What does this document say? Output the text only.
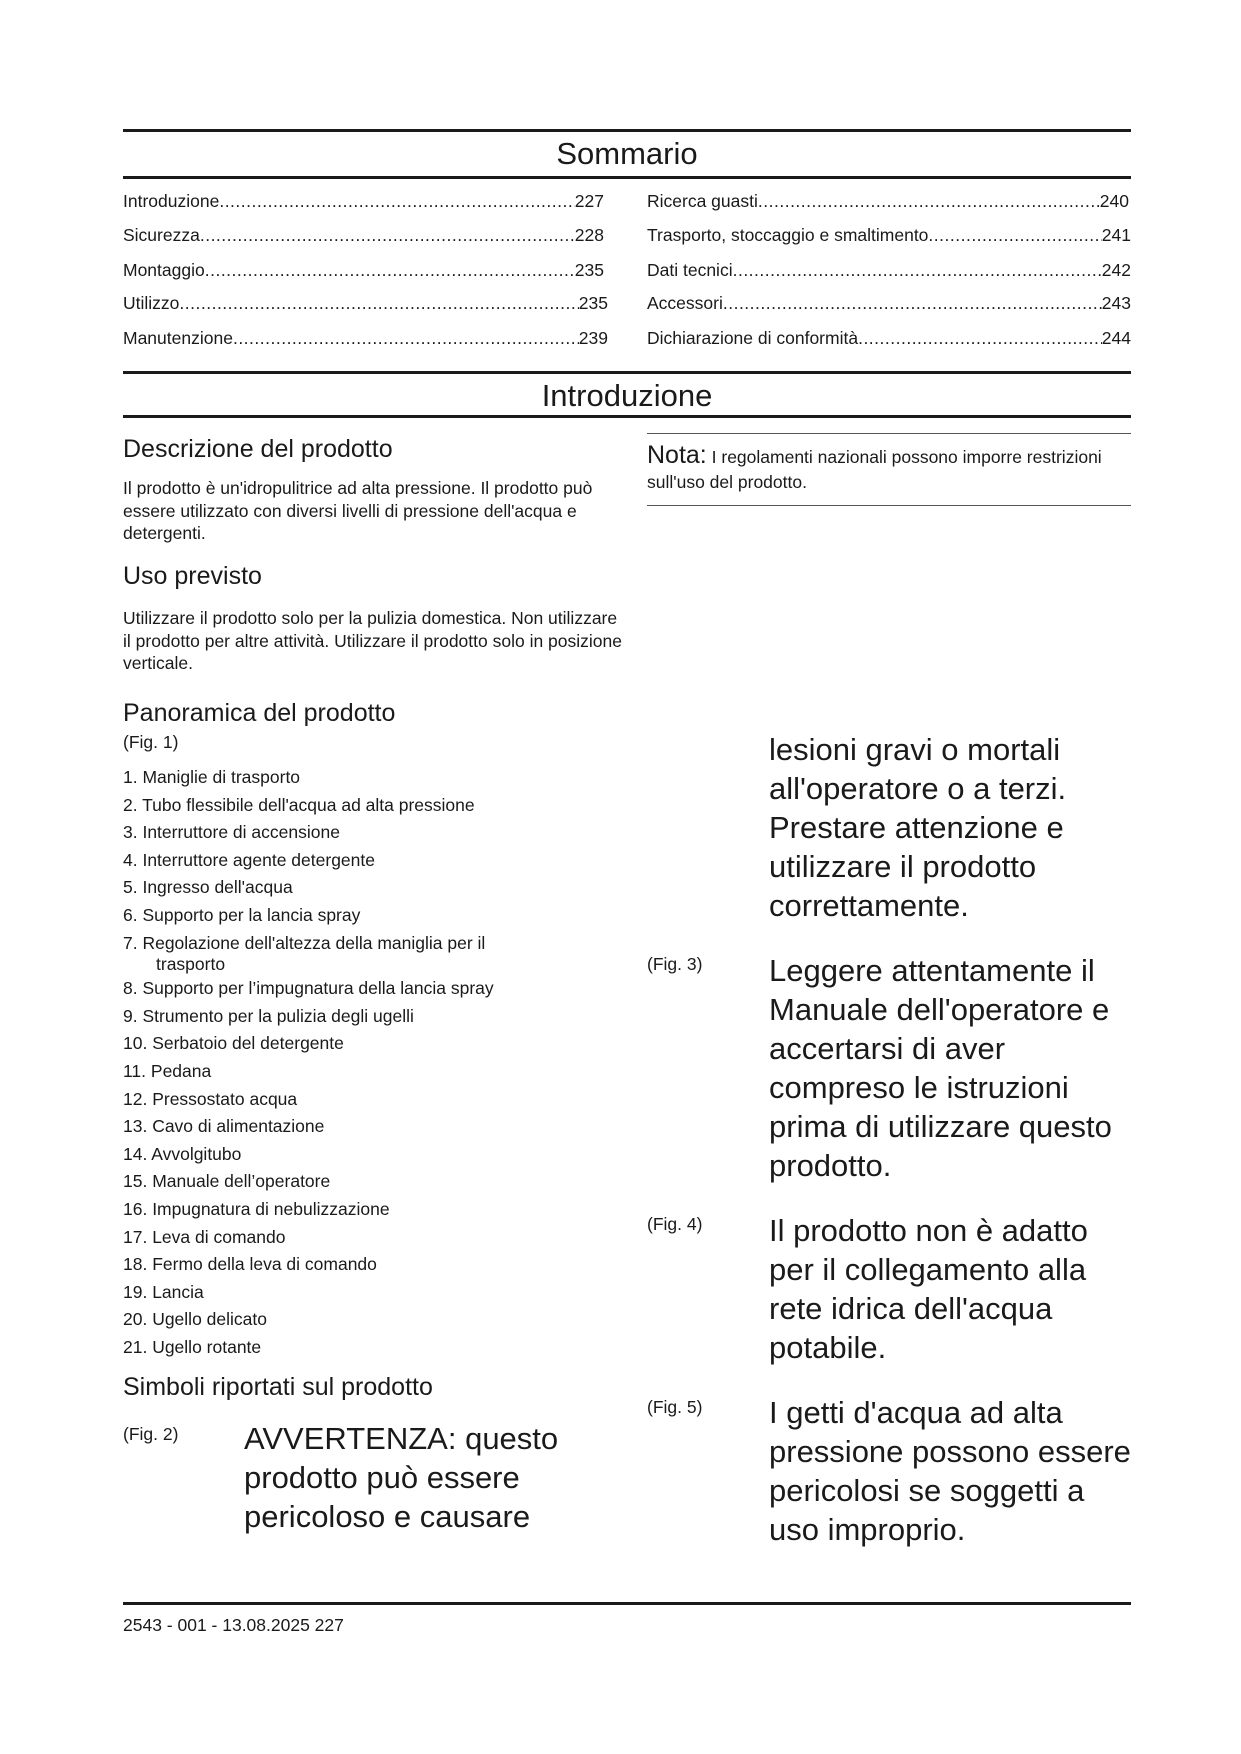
Sommario
Introduzione .....	227
Sicurezza .....	228
Montaggio .....	235
Utilizzo .....	235
Manutenzione .....	239
Ricerca guasti .....	240
Trasporto, stoccaggio e smaltimento .....	241
Dati tecnici .....	242
Accessori .....	243
Dichiarazione di conformità .....	244
Introduzione
Descrizione del prodotto
Il prodotto è un'idropulitrice ad alta pressione. Il prodotto può essere utilizzato con diversi livelli di pressione dell'acqua e detergenti.
Uso previsto
Utilizzare il prodotto solo per la pulizia domestica. Non utilizzare il prodotto per altre attività. Utilizzare il prodotto solo in posizione verticale.
Panoramica del prodotto
(Fig. 1)
1. Maniglie di trasporto
2. Tubo flessibile dell'acqua ad alta pressione
3. Interruttore di accensione
4. Interruttore agente detergente
5. Ingresso dell'acqua
6. Supporto per la lancia spray
7. Regolazione dell'altezza della maniglia per il
trasporto
8. Supporto per l’impugnatura della lancia spray
9. Strumento per la pulizia degli ugelli
10. Serbatoio del detergente
11. Pedana
12. Pressostato acqua
13. Cavo di alimentazione
14. Avvolgitubo
15. Manuale dell’operatore
16. Impugnatura di nebulizzazione
17. Leva di comando
18. Fermo della leva di comando
19. Lancia
20. Ugello delicato
21. Ugello rotante
Simboli riportati sul prodotto
(Fig. 2) AVVERTENZA: questo prodotto può essere pericoloso e causare
Nota: I regolamenti nazionali possono imporre restrizioni sull'uso del prodotto.
lesioni gravi o mortali all'operatore o a terzi. Prestare attenzione e utilizzare il prodotto correttamente.
(Fig. 3) Leggere attentamente il Manuale dell'operatore e accertarsi di aver compreso le istruzioni prima di utilizzare questo prodotto.
(Fig. 4) Il prodotto non è adatto per il collegamento alla rete idrica dell'acqua potabile.
(Fig. 5) I getti d'acqua ad alta pressione possono essere pericolosi se soggetti a uso improprio.
2543 - 001 - 13.08.2025 227
